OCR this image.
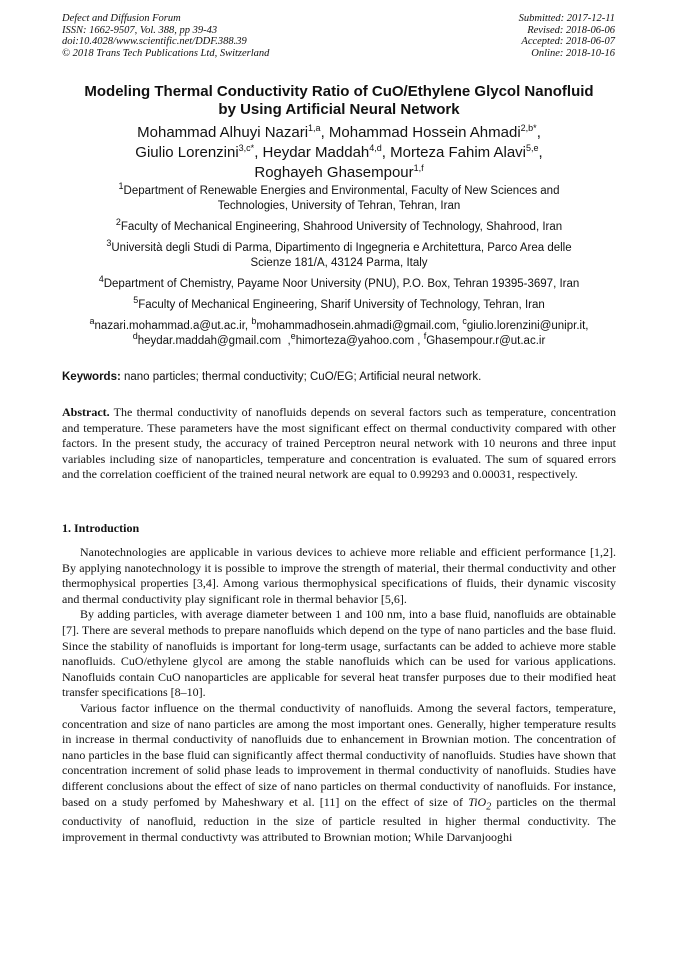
Defect and Diffusion Forum
ISSN: 1662-9507, Vol. 388, pp 39-43
doi:10.4028/www.scientific.net/DDF.388.39
© 2018 Trans Tech Publications Ltd, Switzerland
Submitted: 2017-12-11
Revised: 2018-06-06
Accepted: 2018-06-07
Online: 2018-10-16
Modeling Thermal Conductivity Ratio of CuO/Ethylene Glycol Nanofluid
by Using Artificial Neural Network
Mohammad Alhuyi Nazari$^{1,a}$, Mohammad Hossein Ahmadi$^{2,b*}$,
Giulio Lorenzini$^{3,c*}$, Heydar Maddah$^{4,d}$, Morteza Fahim Alavi$^{5,e}$,
Roghayeh Ghasempour$^{1,f}$
$^1$Department of Renewable Energies and Environmental, Faculty of New Sciences and
Technologies, University of Tehran, Tehran, Iran
$^2$Faculty of Mechanical Engineering, Shahrood University of Technology, Shahrood, Iran
$^3$Università degli Studi di Parma, Dipartimento di Ingegneria e Architettura, Parco Area delle
Scienze 181/A, 43124 Parma, Italy
$^4$Department of Chemistry, Payame Noor University (PNU), P.O. Box, Tehran 19395-3697, Iran
$^5$Faculty of Mechanical Engineering, Sharif University of Technology, Tehran, Iran
$^a$nazari.mohammad.a@ut.ac.ir, $^b$mohammadhosein.ahmadi@gmail.com, $^c$giulio.lorenzini@unipr.it,
$^d$heydar.maddah@gmail.com  ,$^e$himorteza@yahoo.com , $^f$Ghasempour.r@ut.ac.ir
Keywords: nano particles; thermal conductivity; CuO/EG; Artificial neural network.
Abstract. The thermal conductivity of nanofluids depends on several factors such as temperature, concentration and temperature. These parameters have the most significant effect on thermal conductivity compared with other factors. In the present study, the accuracy of trained Perceptron neural network with 10 neurons and three input variables including size of nanoparticles, temperature and concentration is evaluated. The sum of squared errors and the correlation coefficient of the trained neural network are equal to 0.99293 and 0.00031, respectively.
1. Introduction

Nanotechnologies are applicable in various devices to achieve more reliable and efficient performance [1,2]. By applying nanotechnology it is possible to improve the strength of material, their thermal conductivity and other thermophysical properties [3,4]. Among various thermophysical specifications of fluids, their dynamic viscosity and thermal conductivity play significant role in thermal behavior [5,6].

By adding particles, with average diameter between 1 and 100 nm, into a base fluid, nanofluids are obtainable [7]. There are several methods to prepare nanofluids which depend on the type of nano particles and the base fluid. Since the stability of nanofluids is important for long-term usage, surfactants can be added to achieve more stable nanofluids. CuO/ethylene glycol are among the stable nanofluids which can be used for various applications. Nanofluids contain CuO nanoparticles are applicable for several heat transfer purposes due to their modified heat transfer specifications [8–10].

Various factor influence on the thermal conductivity of nanofluids. Among the several factors, temperature, concentration and size of nano particles are among the most important ones. Generally, higher temperature results in increase in thermal conductivity of nanofluids due to enhancement in Brownian motion. The concentration of nano particles in the base fluid can significantly affect thermal conductivity of nanofluids. Studies have shown that concentration increment of solid phase leads to improvement in thermal conductivity of nanofluids. Studies have different conclusions about the effect of size of nano particles on thermal conductivity of nanofluids. For instance, based on a study perfomed by Maheshwary et al. [11] on the effect of size of TiO$_2$ particles on the thermal conductivity of nanofluid, reduction in the size of particle resulted in higher thermal conductivity. The improvement in thermal conductivty was attributed to Brownian motion; While Darvanjooghi
